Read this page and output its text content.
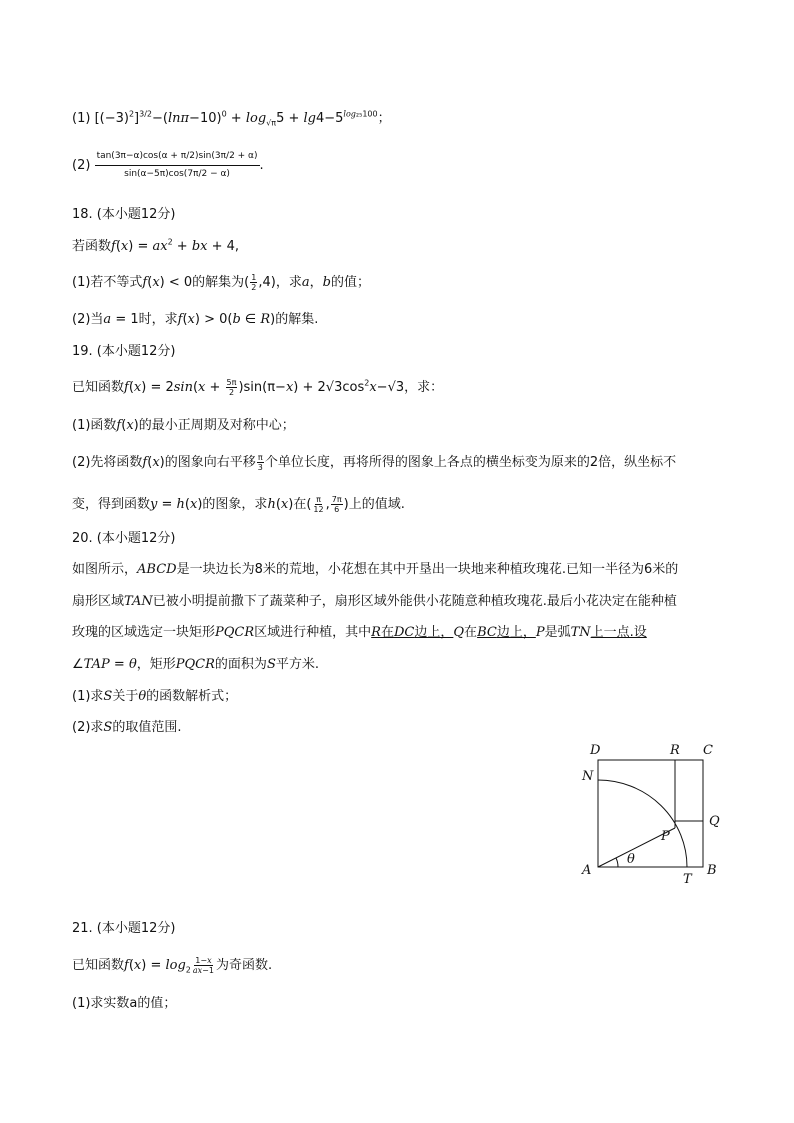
(1) $[(-3)^2]^{3/2}-(\ln\pi-10)^0 + \log_{√\pi}5 + \lg 4-5^{log_{25}100}$；
$(2) \frac{\tan(3\pi-\alpha)\cos(\alpha + \pi/2)\sin(3\pi/2 + \alpha)}{\sin(\alpha-5\pi)\cos(7\pi/2 - \alpha)}$ .
18. (本小题12分)
若函数$f(x) = ax^2$ + bx + 4,
(1)若不等式f(x) < 0的解集为( $\frac{1}{2} ,4$)，求a，b的值；
(2)当a = 1时，求f(x) > 0(b ∈ R)的解集.
19. (本小题12分)
已知函数$f(x) = 2\sin(x + \frac{5\pi}{2} )\sin(\pi-x) + 2√3\cos^2x-√3$，求：
(1)函数f(x)的最小正周期及对称中心；
(2)先将函数f(x)的图象向右平移 $\frac{\pi}{3}$ 个单位长度，再将所得的图象上各点的横坐标变为原来的2倍，纵坐标不
变，得到函数y = h(x)的图象，求h(x)在( $\frac{\pi}{12}$ , $\frac{7\pi}{6}$ )上的值域.
20. (本小题12分)
如图所示，ABCD是一块边长为8米的荒地，小花想在其中开垦出一块地来种植玫瑰花.已知一半径为6米的
扇形区域TAN已被小明提前撒下了蔬菜种子，扇形区域外能供小花随意种植玫瑰花.最后小花决定在能种植
玫瑰的区域选定一块矩形PQCR区域进行种植，其中R在DC边上，Q在BC边上，P是弧TN上一点.设
∠TAP = θ，矩形PQCR的面积为S平方米.
(1)求S关于θ的函数解析式；
(2)求S的取值范围.
D	R C
N
Q
P
θ
A
T
B
21. (本小题12分)
已知函数$f(x) = \log_2 \frac{1-x}{ax-1}$ 为奇函数.
(1)求实数a的值；
